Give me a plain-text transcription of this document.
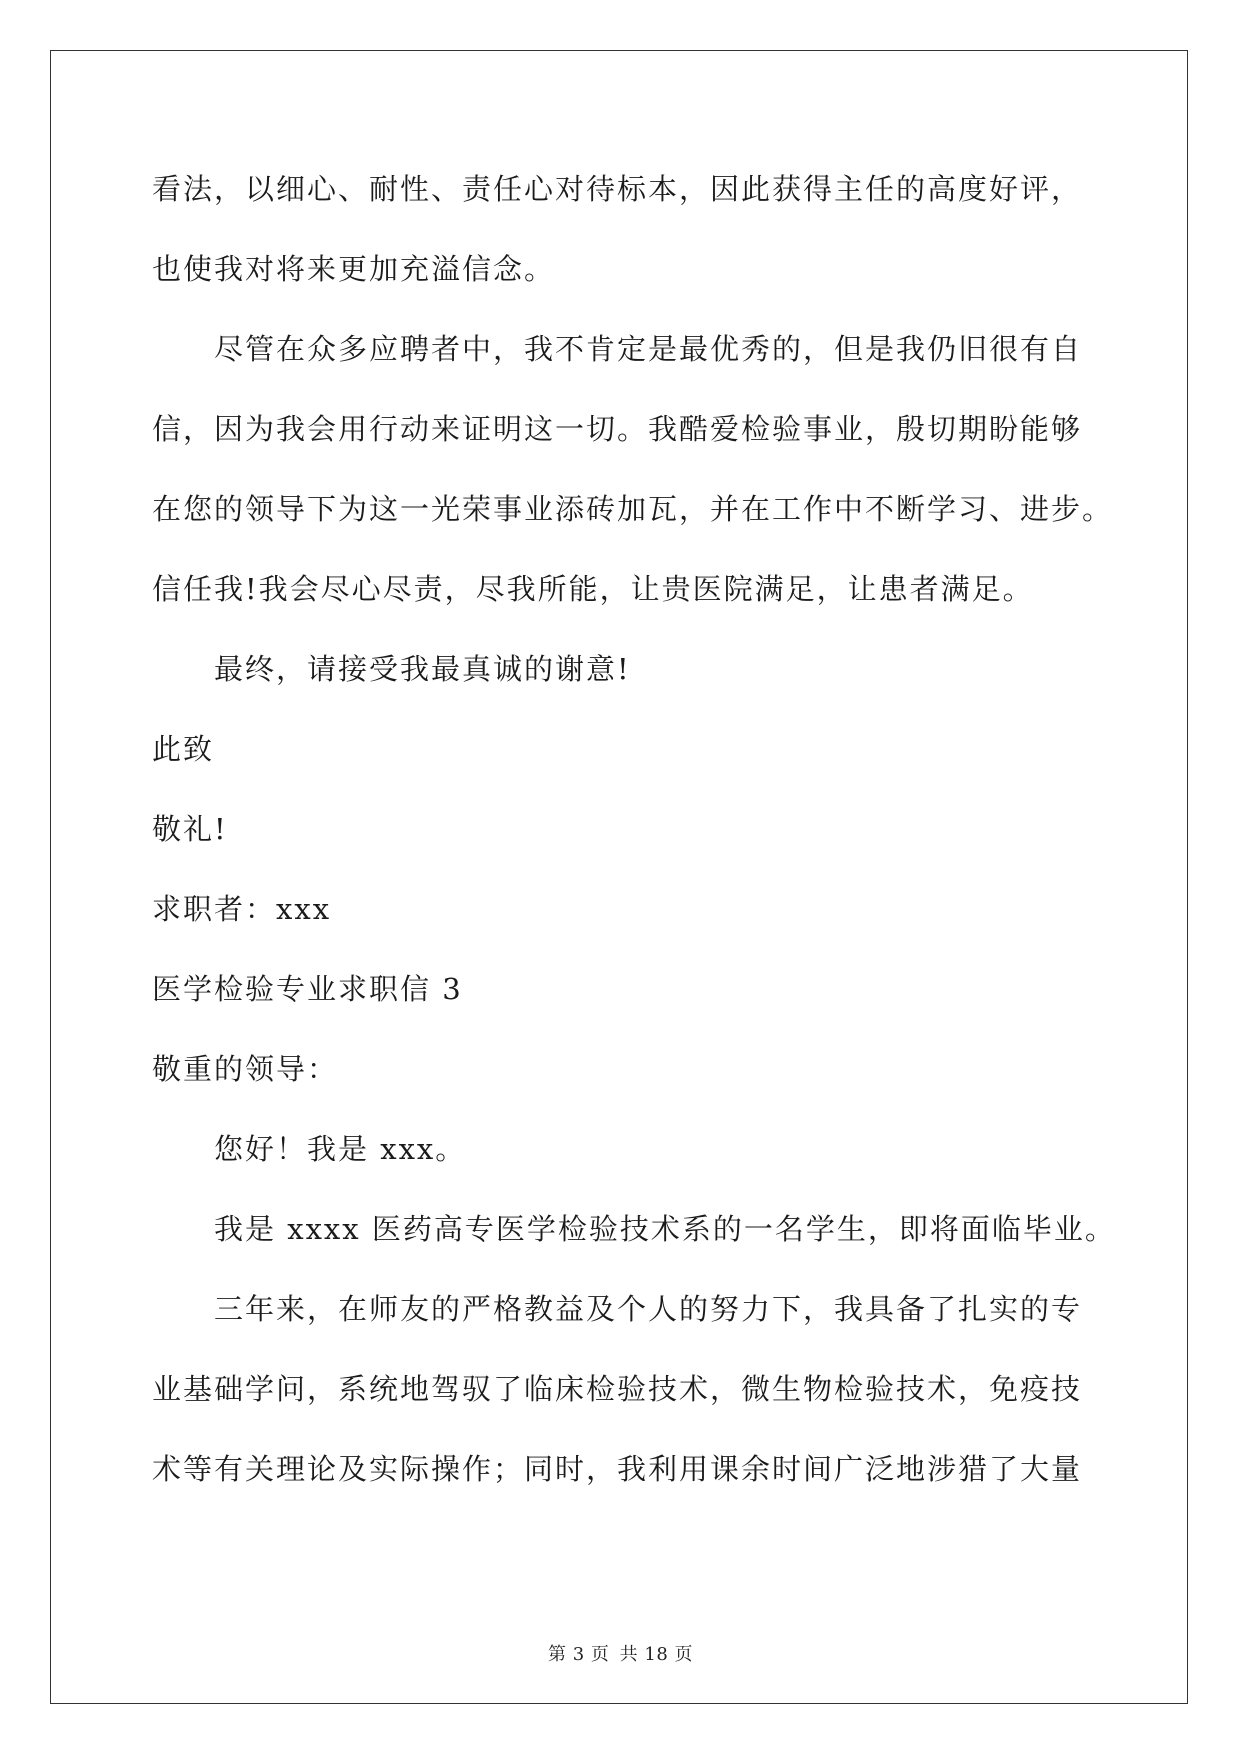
看法，以细心、耐性、责任心对待标本，因此获得主任的高度好评，
也使我对将来更加充溢信念。
尽管在众多应聘者中，我不肯定是最优秀的，但是我仍旧很有自
信，因为我会用行动来证明这一切。我酷爱检验事业，殷切期盼能够
在您的领导下为这一光荣事业添砖加瓦，并在工作中不断学习、进步。
信任我!我会尽心尽责，尽我所能，让贵医院满足，让患者满足。
最终，请接受我最真诚的谢意!
此致
敬礼!
求职者：xxx
医学检验专业求职信 3
敬重的领导：
您好！我是 xxx。
我是 xxxx 医药高专医学检验技术系的一名学生，即将面临毕业。
三年来，在师友的严格教益及个人的努力下，我具备了扎实的专
业基础学问，系统地驾驭了临床检验技术，微生物检验技术，免疫技
术等有关理论及实际操作；同时，我利用课余时间广泛地涉猎了大量
第 3 页 共 18 页
